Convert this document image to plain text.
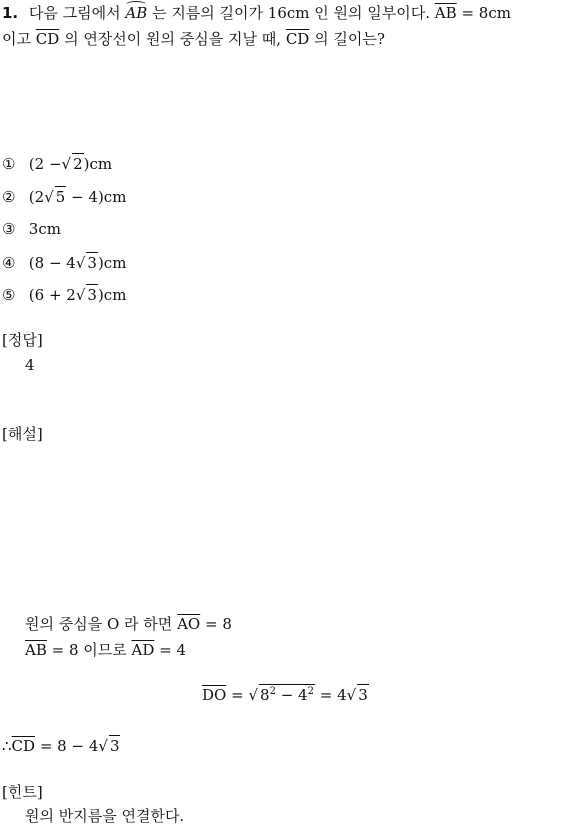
1. 다음 그림에서 AB 는 지름의 길이가 16cm 인 원의 일부이다. $\overline{AB} = 8cm$
이고 $\overline{CD}$ 의 연장선이 원의 중심을 지날 때, $\overline{CD}$ 의 길이는?
① (2 −√ 2)cm
② (2√ 5 − 4)cm
③ 3cm
④ (8 − 4√ 3)cm
⑤ (6 + 2√ 3)cm
[정답]
4
[해설]
원의 중심을 O 라 하면 $\overline{AO} = 8$
$\overline{AB} = 8$ 이므로 $\overline{AD} = 4$
$\overline{DO}$ = √ $8^2 - 4^2 = 4√$ 3
$\therefore\overline{CD} = 8 - 4√$ 3
[힌트]
원의 반지름을 연결한다.
